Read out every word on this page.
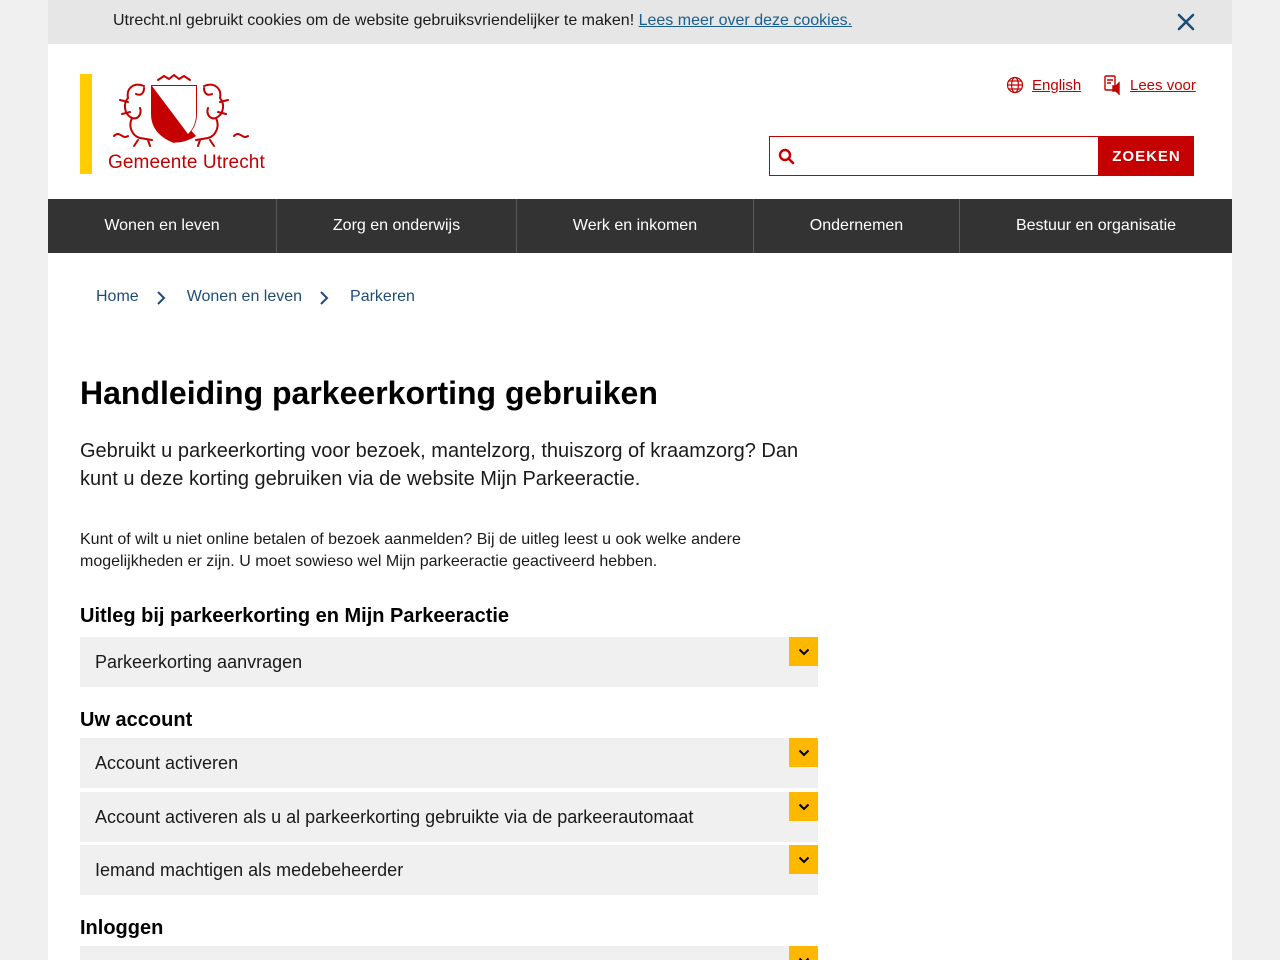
Utrecht.nl gebruikt cookies om de website gebruiksvriendelijker te maken! Lees meer over deze cookies.
Gemeente Utrecht
English	Lees voor
ZOEKEN
Wonen en leven	Zorg en onderwijs	Werk en inkomen	Ondernemen	Bestuur en organisatie
Home	Wonen en leven	Parkeren
Handleiding parkeerkorting gebruiken

Gebruikt u parkeerkorting voor bezoek, mantelzorg, thuiszorg of kraamzorg? Dan kunt u deze korting gebruiken via de website Mijn Parkeeractie.

Kunt of wilt u niet online betalen of bezoek aanmelden? Bij de uitleg leest u ook welke andere mogelijkheden er zijn. U moet sowieso wel Mijn parkeeractie geactiveerd hebben.

Uitleg bij parkeerkorting en Mijn Parkeeractie
Parkeerkorting aanvragen
Uw account
Account activeren
Account activeren als u al parkeerkorting gebruikte via de parkeerautomaat
Iemand machtigen als medebeheerder
Inloggen
